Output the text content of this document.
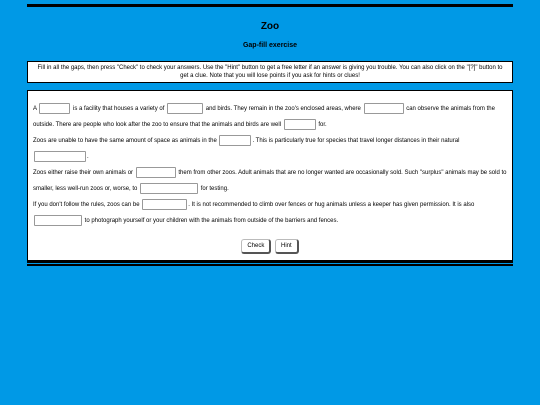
Zoo
Gap-fill exercise
Fill in all the gaps, then press "Check" to check your answers. Use the "Hint" button to get a free letter if an answer is giving you trouble. You can also click on the "[?]" button to get a clue. Note that you will lose points if you ask for hints or clues!
A	is a facility that houses a variety of	and birds. They remain in the zoo's enclosed areas, where	can observe the animals from the outside. There are people who look after the zoo to ensure that the animals and birds are well	for.
Zoos are unable to have the same amount of space as animals in the	. This is particularly true for species that travel longer distances in their natural .
Zoos either raise their own animals or	them from other zoos. Adult animals that are no longer wanted are occasionally sold. Such "surplus" animals may be sold to smaller, less well-run zoos or, worse, to	for testing.
If you don't follow the rules, zoos can be	. It is not recommended to climb over fences or hug animals unless a keeper has given permission. It is also  to photograph yourself or your children with the animals from outside of the barriers and fences.
Check	Hint
